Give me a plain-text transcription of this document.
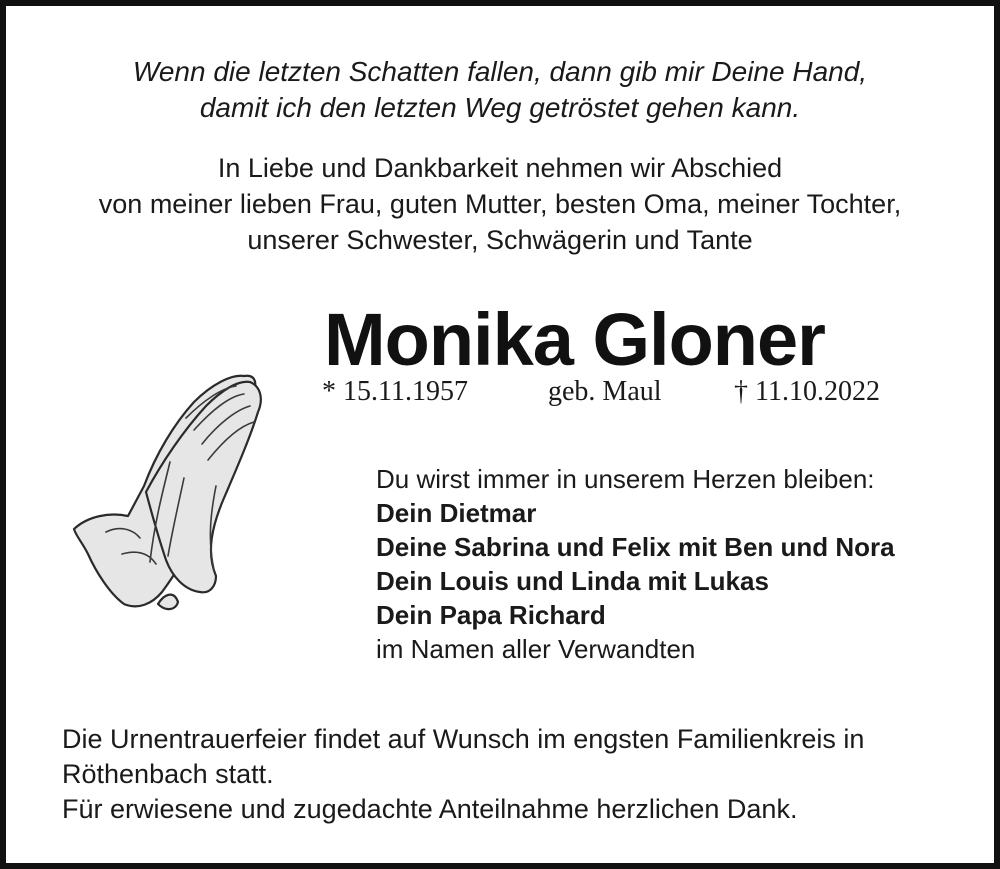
Wenn die letzten Schatten fallen, dann gib mir Deine Hand,
damit ich den letzten Weg getröstet gehen kann.
In Liebe und Dankbarkeit nehmen wir Abschied
von meiner lieben Frau, guten Mutter, besten Oma, meiner Tochter,
unserer Schwester, Schwägerin und Tante
Monika Gloner
* 15.11.1957	geb. Maul	† 11.10.2022
Du wirst immer in unserem Herzen bleiben:
Dein Dietmar
Deine Sabrina und Felix mit Ben und Nora
Dein Louis und Linda mit Lukas
Dein Papa Richard
im Namen aller Verwandten
Die Urnentrauerfeier findet auf Wunsch im engsten Familienkreis in
Röthenbach statt.
Für erwiesene und zugedachte Anteilnahme herzlichen Dank.
